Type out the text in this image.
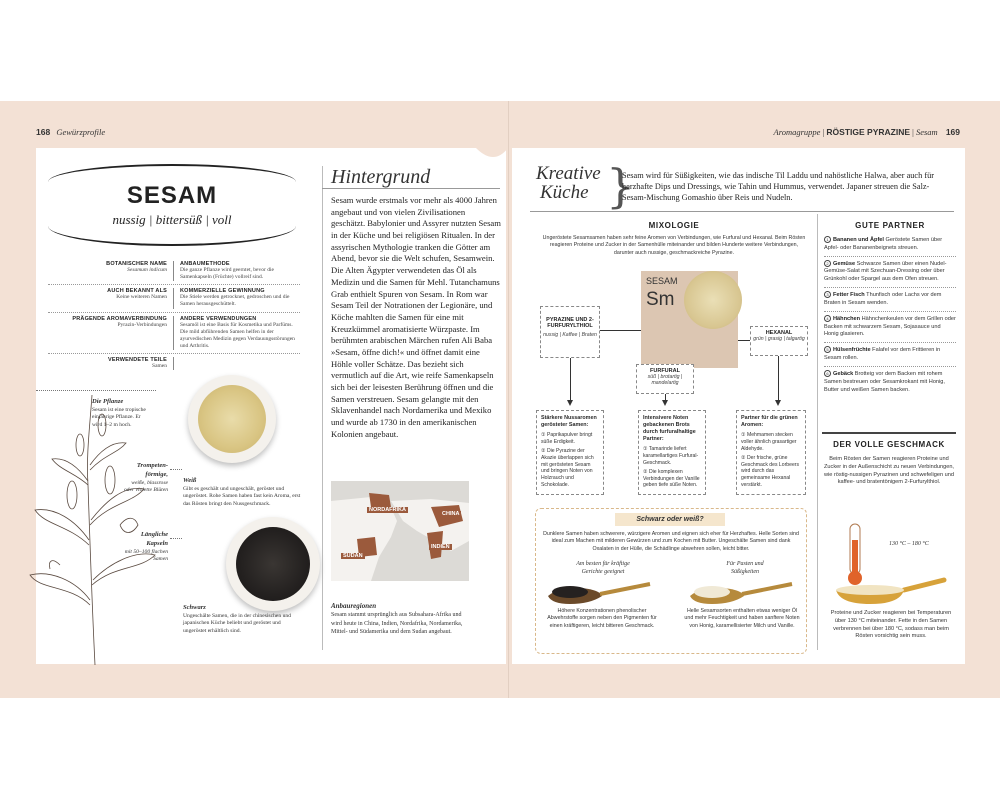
168 Gewürzprofile	Aromagruppe | RÖSTIGE PYRAZINE | Sesam 169
SESAM
nussig | bittersüß | voll
BOTANISCHER NAME
Sesamum indicum
ANBAUMETHODE
Die ganze Pflanze wird geerntet, bevor die Samenkapseln (Früchte) vollreif sind.
AUCH BEKANNT ALS
Keine weiteren Namen
KOMMERZIELLE GEWINNUNG
Die Stiele werden getrocknet, gedroschen und die Samen herausgeschüttelt.
PRÄGENDE AROMAVERBINDUNG
Pyrazin-Verbindungen
ANDERE VERWENDUNGEN
Sesamöl ist eine Basis für Kosmetika und Parfüms. Die mild abführenden Samen helfen in der ayurvedischen Medizin gegen Verdauungsstörungen und Arthritis.
VERWENDETE TEILE
Samen
Die Pflanze
Sesam ist eine tropische einjährige Pflanze. Er wird 1–2 m hoch.
Trompeten-förmige,
weiße, blassrose oder violette Blüten
Längliche Kapseln
mit 50–100 flachen Samen
Weiß
Gibt es geschält und ungeschält, geröstet und ungeröstet. Rohe Samen haben fast kein Aroma, erst das Rösten bringt den Nussgeschmack.
Schwarz
Ungeschälte Samen, die in der chinesischen und japanischen Küche beliebt und geröstet und ungeröstet erhältlich sind.
Hintergrund
Sesam wurde erstmals vor mehr als 4000 Jahren angebaut und von vielen Zivilisationen geschätzt. Babylonier und Assyrer nutzten Sesam in der Küche und bei religiösen Ritualen. In der assyrischen Mythologie tranken die Götter am Abend, bevor sie die Welt schufen, Sesamwein. Die Alten Ägypter verwendeten das Öl als Medizin und die Samen für Mehl. Tutanchamuns Grab enthielt Spuren von Sesam. In Rom war Sesam Teil der Notrationen der Legionäre, und Köche mahlten die Samen für eine mit Kreuzkümmel aromatisierte Würzpaste. Im berühmten arabischen Märchen rufen Ali Baba »Sesam, öffne dich!« und öffnet damit eine Höhle voller Schätze. Das bezieht sich vermutlich auf die Art, wie reife Samenkapseln sich bei der leisesten Berührung öffnen und die Samen verstreuen. Sesam gelangte mit den Sklavenhandel nach Nordamerika und Mexiko und wurde ab 1730 in den amerikanischen Kolonien angebaut.
NORDAFRIKA
CHINA
SUDAN
INDIEN
Anbauregionen
Sesam stammt ursprünglich aus Subsahara-Afrika und wird heute in China, Indien, Nordafrika, Nordamerika, Mittel- und Südamerika und dem Sudan angebaut.
Kreative
Küche }
Sesam wird für Süßigkeiten, wie das indische Til Laddu und nahöstliche Halwa, aber auch für herzhafte Dips und Dressings, wie Tahin und Hummus, verwendet. Japaner streuen die Salz-Sesam-Mischung Gomashio über Reis und Nudeln.
MIXOLOGIE
Ungeröstete Sesamsamen haben sehr feine Aromen von Verbindungen, wie Furfural und Hexanal. Beim Rösten reagieren Proteine und Zucker in der Samenhülle miteinander und bilden Hunderte weitere Verbindungen, darunter auch nussige, geschmackreiche Pyrazine.
SESAM
Sm
PYRAZINE UND 2-FURFURYLTHIOL
nussig | Kaffee | Braten
FURFURAL
süß | brotartig | mandelartig
HEXANAL
grün | grasig | talgartig
Stärkere Nussaromen gerösteter Samen:
① Paprikapulver bringt süße Erdigkeit.
② Die Pyrazine der Akazie überlappen sich mit gerösteten Sesam und bringen Noten von Holzrauch und Schokolade.
Intensivere Noten gebackenen Brots durch furfuralhaltige Partner:
① Tamarinde liefert karamellartiges Furfural-Geschmack.
② Die komplexen Verbindungen der Vanille geben tiefe süße Noten.
Partner für die grünen Aromen:
① Mehmamen stecken voller ähnlich grasartiger Aldehyde.
② Der frische, grüne Geschmack des Lorbeers wird durch das gemeinsame Hexanal verstärkt.
Schwarz oder weiß?
Dunklere Samen haben schwerere, würzigere Aromen und eignen sich eher für Herzhaftes. Helle Sorten sind ideal zum Machen mit milderen Gewürzen und zum Kochen mit Butter. Ungeschälte Samen sind dank Oxalaten in der Hülle, die Schädlinge abwehren sollen, leicht bitter.
Am besten für kräftige Gerichte geeignet
Für Pasten und Süßigkeiten
Höhere Konzentrationen phenolischer Abwehrstoffe sorgen neben den Pigmenten für einen kräftigeren, leicht bitteren Geschmack.
Helle Sesamsorten enthalten etwas weniger Öl und mehr Feuchtigkeit und haben sanftere Noten von Honig, karamellisierter Milch und Vanille.
GUTE PARTNER
1 Bananen und Äpfel Geröstete Samen über Apfel- oder Bananenbeignets streuen.
2 Gemüse Schwarze Samen über einen Nudel-Gemüse-Salat mit Szechuan-Dressing oder über Grünkohl oder Spargel aus dem Ofen streuen.
3 Fetter Fisch Thunfisch oder Lachs vor dem Braten in Sesam wenden.
4 Hähnchen Hähnchenkeulen vor dem Grillen oder Backen mit schwarzem Sesam, Sojasauce und Honig glasieren.
5 Hülsenfrüchte Falafel vor dem Frittieren in Sesam rollen.
6 Gebäck Brotteig vor dem Backen mit rohem Samen bestreuen oder Sesamkrokant mit Honig, Butter und weißen Samen backen.
DER VOLLE GESCHMACK
Beim Rösten der Samen reagieren Proteine und Zucker in der Außenschicht zu neuen Verbindungen, wie röstig-nussigen Pyrazinen und schwefeligen und kaffee- und bratentönigem 2-Furfurylthiol.
130 °C – 180 °C
Proteine und Zucker reagieren bei Temperaturen über 130 °C miteinander. Fette in den Samen verbrennen bei über 180 °C, sodass man beim Rösten vorsichtig sein muss.
